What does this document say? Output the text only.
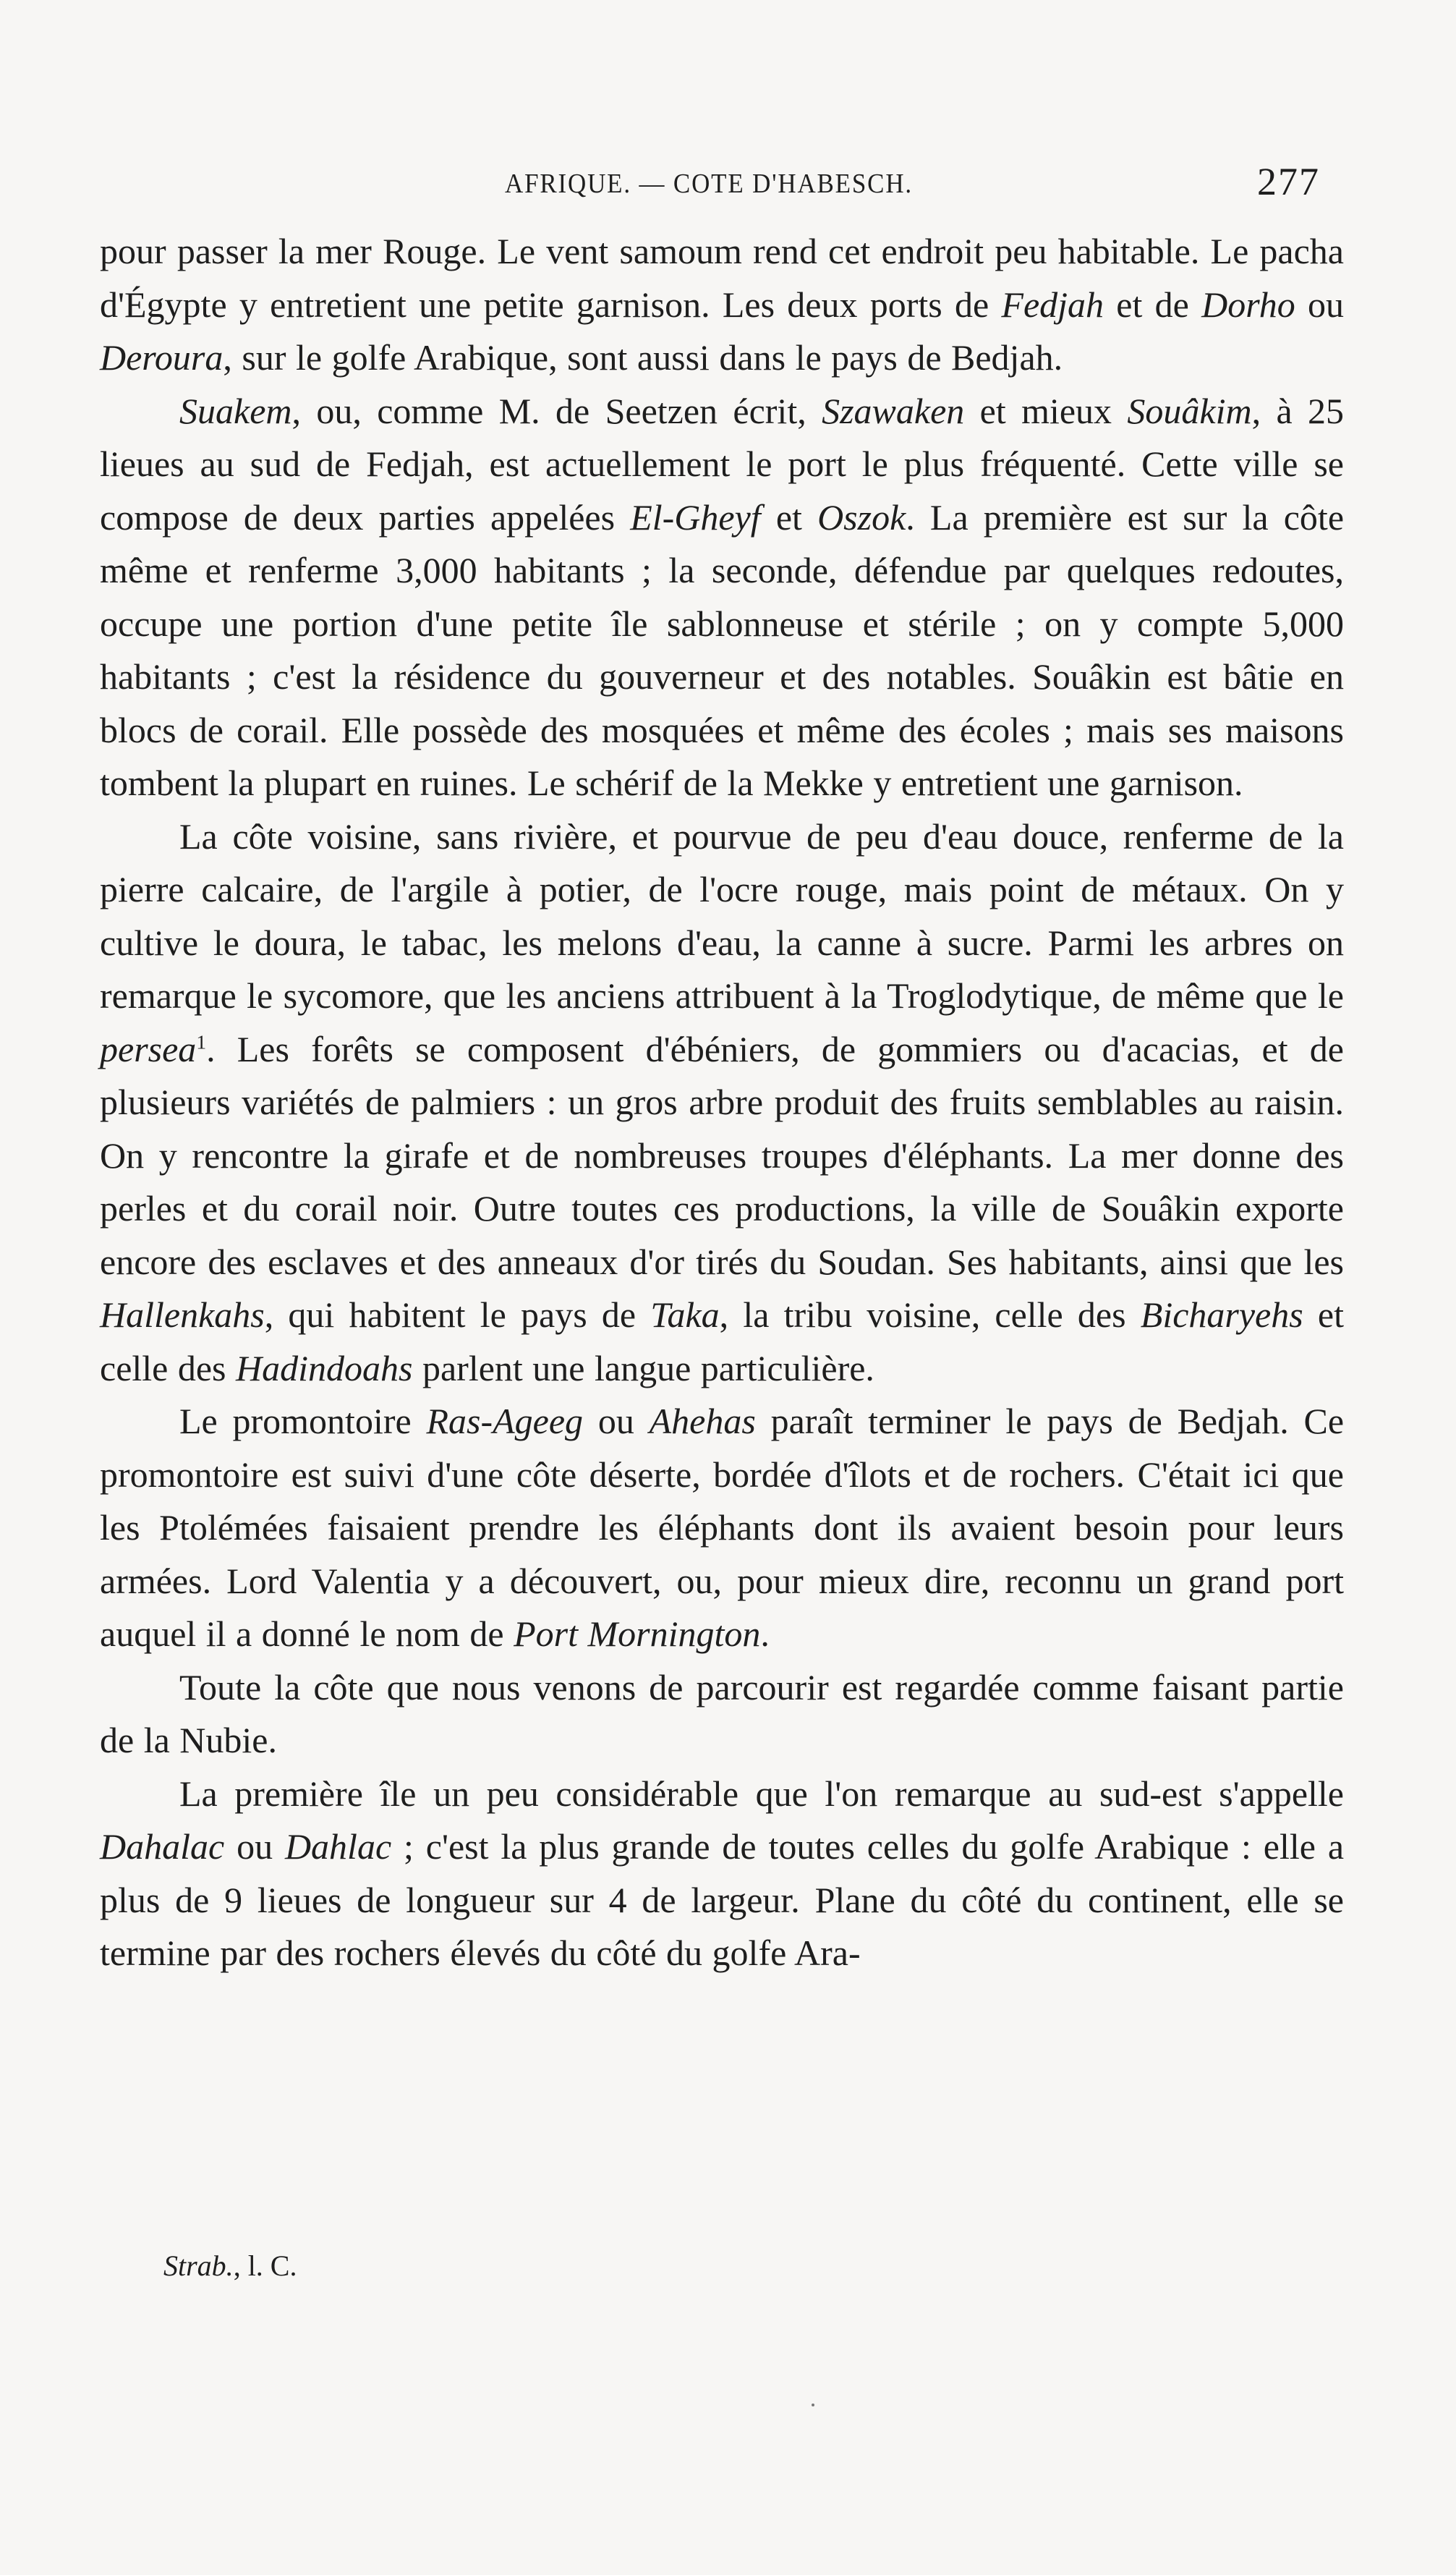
AFRIQUE. — COTE D'HABESCH.	277

pour passer la mer Rouge. Le vent samoum rend cet endroit peu habitable. Le pacha d'Égypte y entretient une petite garnison. Les deux ports de Fedjah et de Dorho ou Deroura, sur le golfe Arabique, sont aussi dans le pays de Bedjah.

Suakem, ou, comme M. de Seetzen écrit, Szawaken et mieux Souâkim, à 25 lieues au sud de Fedjah, est actuellement le port le plus fréquenté. Cette ville se compose de deux parties appelées El-Gheyf et Oszok. La première est sur la côte même et renferme 3,000 habitants ; la seconde, défendue par quelques redoutes, occupe une portion d'une petite île sablonneuse et stérile ; on y compte 5,000 habitants ; c'est la résidence du gouverneur et des notables. Souâkin est bâtie en blocs de corail. Elle possède des mosquées et même des écoles ; mais ses maisons tombent la plupart en ruines. Le schérif de la Mekke y entretient une garnison.

La côte voisine, sans rivière, et pourvue de peu d'eau douce, renferme de la pierre calcaire, de l'argile à potier, de l'ocre rouge, mais point de métaux. On y cultive le doura, le tabac, les melons d'eau, la canne à sucre. Parmi les arbres on remarque le sycomore, que les anciens attribuent à la Troglodytique, de même que le persea$^1$. Les forêts se composent d'ébéniers, de gommiers ou d'acacias, et de plusieurs variétés de palmiers : un gros arbre produit des fruits semblables au raisin. On y rencontre la girafe et de nombreuses troupes d'éléphants. La mer donne des perles et du corail noir. Outre toutes ces productions, la ville de Souâkin exporte encore des esclaves et des anneaux d'or tirés du Soudan. Ses habitants, ainsi que les Hallenkahs, qui habitent le pays de Taka, la tribu voisine, celle des Bicharyehs et celle des Hadindoahs parlent une langue particulière.

Le promontoire Ras-Ageeg ou Ahehas paraît terminer le pays de Bedjah. Ce promontoire est suivi d'une côte déserte, bordée d'îlots et de rochers. C'était ici que les Ptolémées faisaient prendre les éléphants dont ils avaient besoin pour leurs armées. Lord Valentia y a découvert, ou, pour mieux dire, reconnu un grand port auquel il a donné le nom de Port Mornington.

Toute la côte que nous venons de parcourir est regardée comme faisant partie de la Nubie.

La première île un peu considérable que l'on remarque au sud-est s'appelle Dahalac ou Dahlac ; c'est la plus grande de toutes celles du golfe Arabique : elle a plus de 9 lieues de longueur sur 4 de largeur. Plane du côté du continent, elle se termine par des rochers élevés du côté du golfe Ara-

Strab., l. C.
